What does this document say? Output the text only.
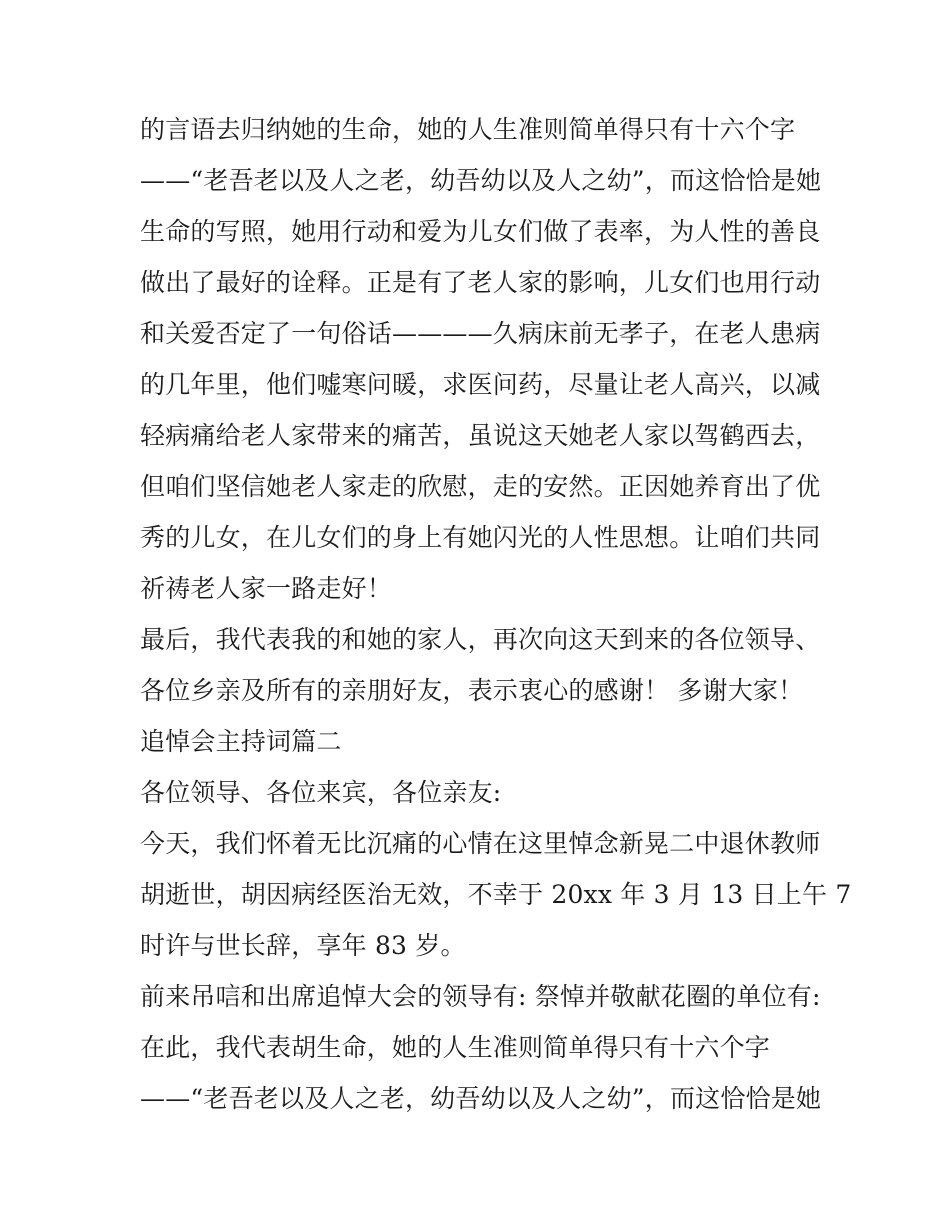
的言语去归纳她的生命，她的人生准则简单得只有十六个字
——“老吾老以及人之老，幼吾幼以及人之幼”，而这恰恰是她
生命的写照，她用行动和爱为儿女们做了表率，为人性的善良
做出了最好的诠释。正是有了老人家的影响，儿女们也用行动
和关爱否定了一句俗话————久病床前无孝子，在老人患病
的几年里，他们嘘寒问暖，求医问药，尽量让老人高兴，以减
轻病痛给老人家带来的痛苦，虽说这天她老人家以驾鹤西去，
但咱们坚信她老人家走的欣慰，走的安然。正因她养育出了优
秀的儿女，在儿女们的身上有她闪光的人性思想。让咱们共同
祈祷老人家一路走好！
最后，我代表我的和她的家人，再次向这天到来的各位领导、
各位乡亲及所有的亲朋好友，表示衷心的感谢！ 多谢大家！
追悼会主持词篇二
各位领导、各位来宾，各位亲友:
今天，我们怀着无比沉痛的心情在这里悼念新晃二中退休教师
胡逝世，胡因病经医治无效，不幸于 20xx 年 3 月 13 日上午 7
时许与世长辞，享年 83 岁。
前来吊唁和出席追悼大会的领导有: 祭悼并敬献花圈的单位有:
在此，我代表胡生命，她的人生准则简单得只有十六个字
——“老吾老以及人之老，幼吾幼以及人之幼”，而这恰恰是她
